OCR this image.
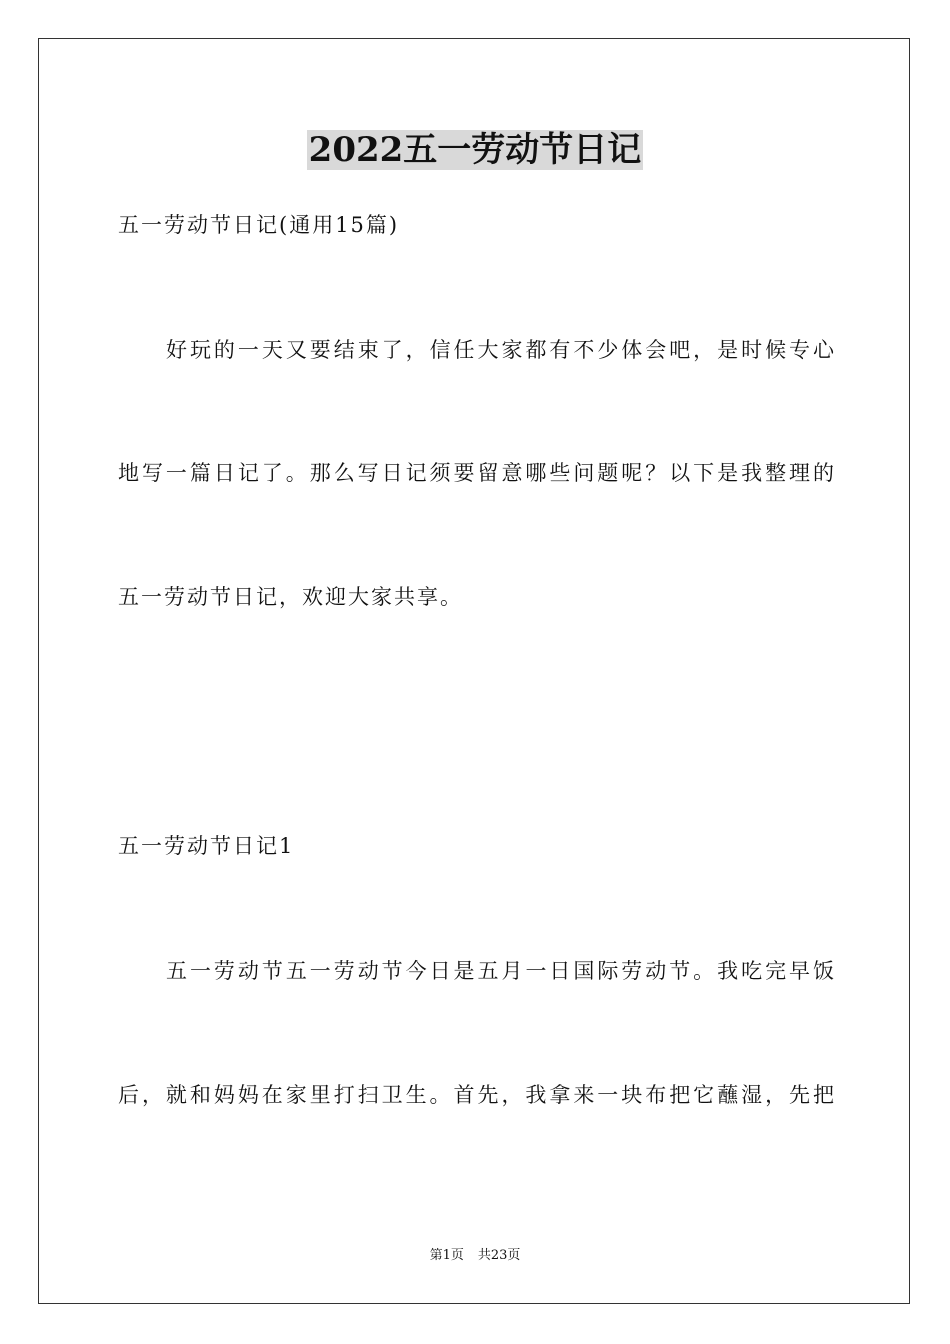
2022五一劳动节日记
五一劳动节日记(通用15篇)
好玩的一天又要结束了，信任大家都有不少体会吧，是时候专心
地写一篇日记了。那么写日记须要留意哪些问题呢？以下是我整理的
五一劳动节日记，欢迎大家共享。
五一劳动节日记1
五一劳动节五一劳动节今日是五月一日国际劳动节。我吃完早饭
后，就和妈妈在家里打扫卫生。首先，我拿来一块布把它蘸湿，先把
第1页 共23页
